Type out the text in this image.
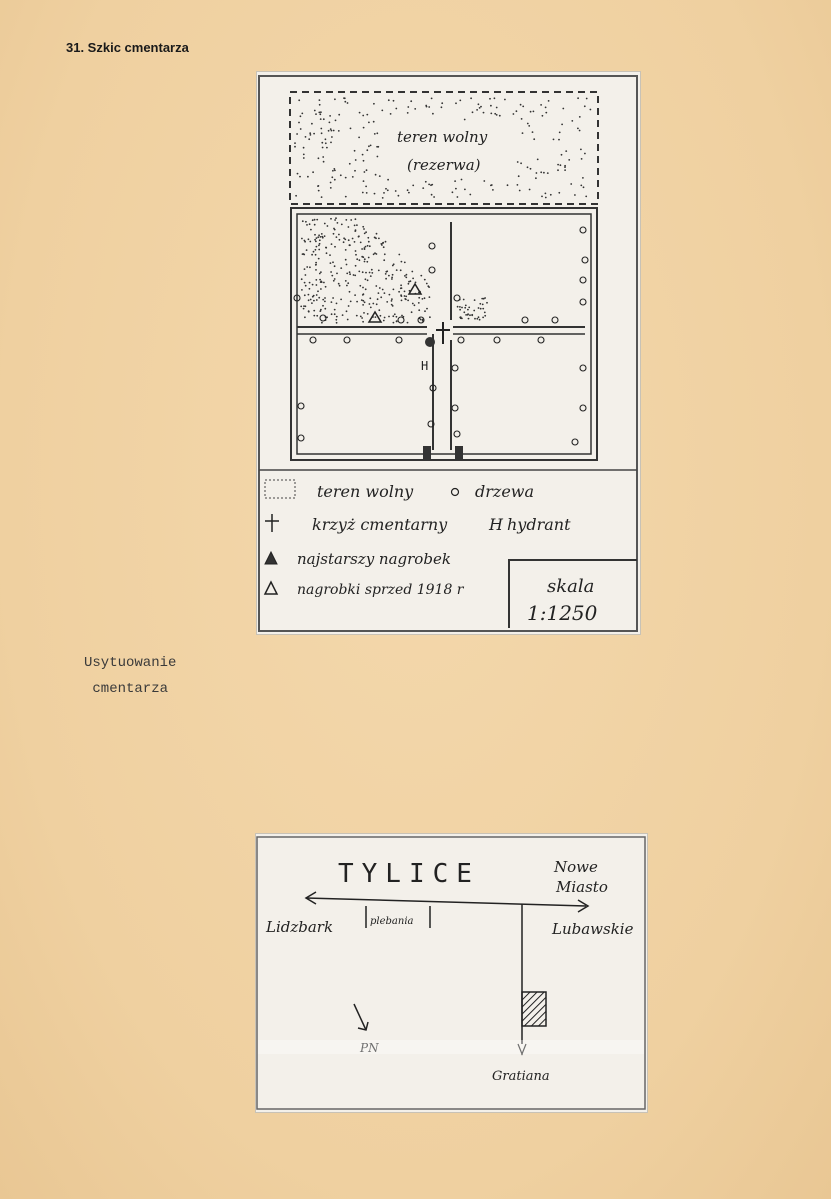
31. Szkic cmentarza
teren wolny
(rezerwa)
H
teren wolny	drzewa
krzyż cmentarny	H hydrant
najstarszy nagrobek
nagrobki sprzed 1918 r	skala
1:1250
Usytuowanie
cmentarza
TYLICE	Nowe
Miasto
Lidzbark	plebania	Lubawskie
PN
Gratiana
